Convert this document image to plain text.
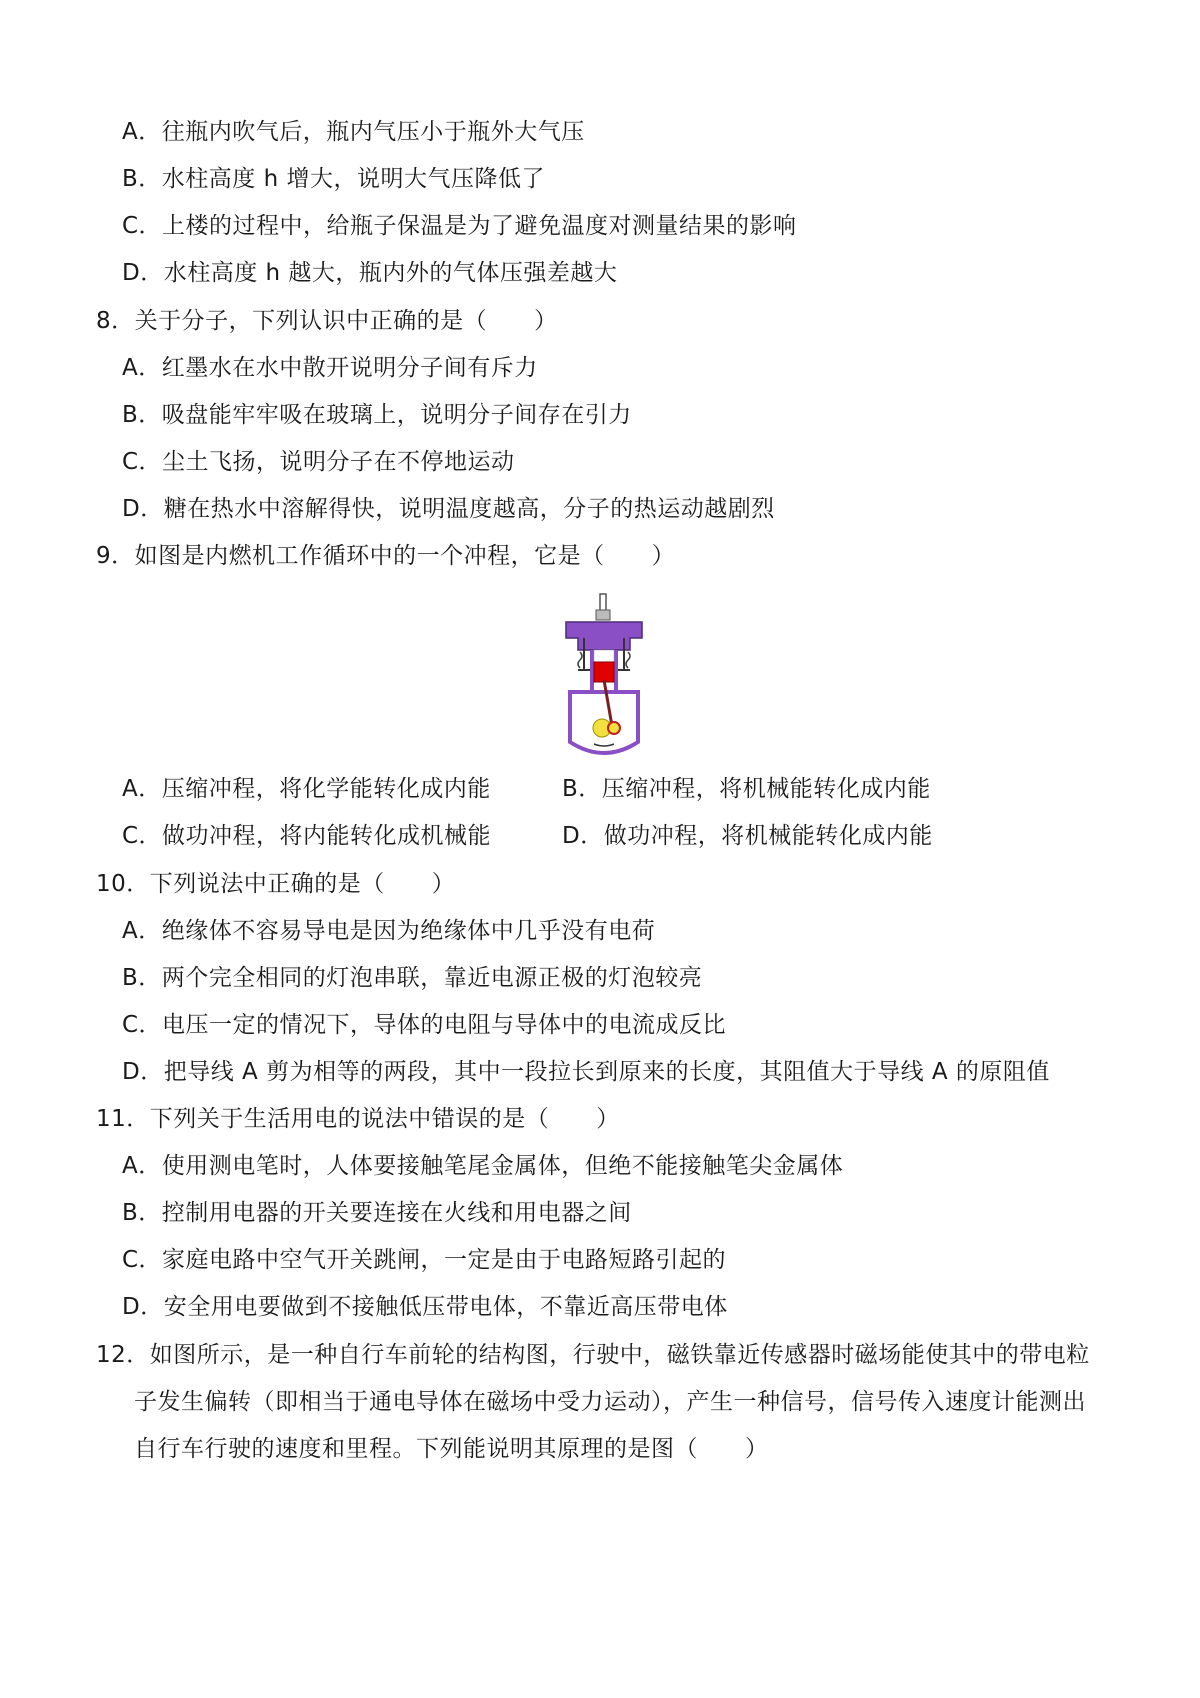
A．往瓶内吹气后，瓶内气压小于瓶外大气压
B．水柱高度 h 增大，说明大气压降低了
C．上楼的过程中，给瓶子保温是为了避免温度对测量结果的影响
D．水柱高度 h 越大，瓶内外的气体压强差越大
8．关于分子，下列认识中正确的是（　　）
A．红墨水在水中散开说明分子间有斥力
B．吸盘能牢牢吸在玻璃上，说明分子间存在引力
C．尘土飞扬，说明分子在不停地运动
D．糖在热水中溶解得快，说明温度越高，分子的热运动越剧烈
9．如图是内燃机工作循环中的一个冲程，它是（　　）
A．压缩冲程，将化学能转化成内能	B．压缩冲程，将机械能转化成内能
C．做功冲程，将内能转化成机械能	D．做功冲程，将机械能转化成内能
10．下列说法中正确的是（　　）
A．绝缘体不容易导电是因为绝缘体中几乎没有电荷
B．两个完全相同的灯泡串联，靠近电源正极的灯泡较亮
C．电压一定的情况下，导体的电阻与导体中的电流成反比
D．把导线 A 剪为相等的两段，其中一段拉长到原来的长度，其阻值大于导线 A 的原阻值
11．下列关于生活用电的说法中错误的是（　　）
A．使用测电笔时，人体要接触笔尾金属体，但绝不能接触笔尖金属体
B．控制用电器的开关要连接在火线和用电器之间
C．家庭电路中空气开关跳闸，一定是由于电路短路引起的
D．安全用电要做到不接触低压带电体，不靠近高压带电体
12．如图所示，是一种自行车前轮的结构图，行驶中，磁铁靠近传感器时磁场能使其中的带电粒
子发生偏转（即相当于通电导体在磁场中受力运动），产生一种信号，信号传入速度计能测出
自行车行驶的速度和里程。下列能说明其原理的是图（　　）
